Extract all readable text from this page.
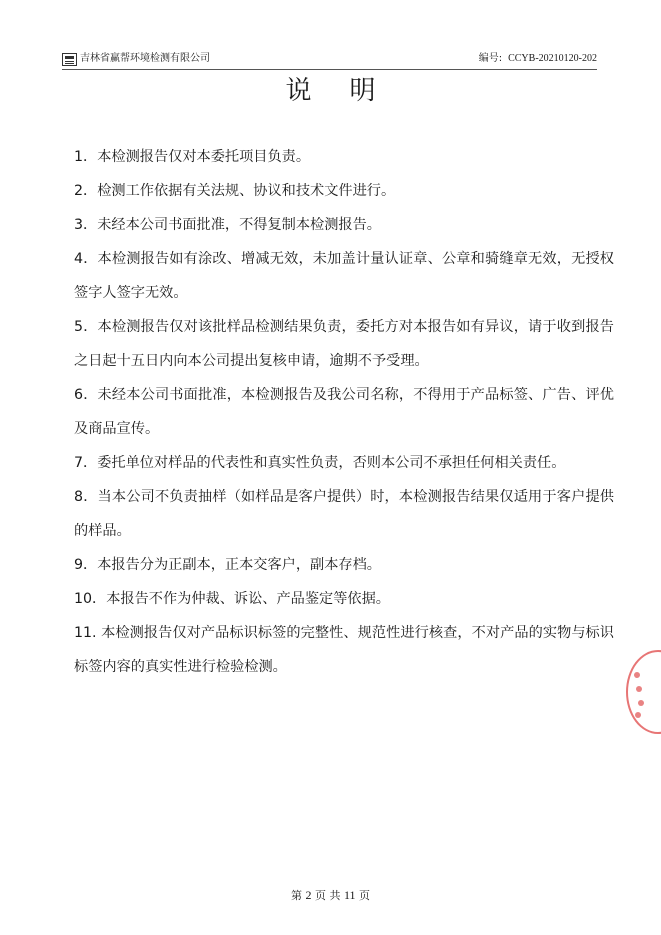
吉林省赢帮环境检测有限公司	编号: CCYB-20210120-202
说明
1．本检测报告仅对本委托项目负责。
2．检测工作依据有关法规、协议和技术文件进行。
3．未经本公司书面批准，不得复制本检测报告。
4．本检测报告如有涂改、增减无效，未加盖计量认证章、公章和骑缝章无效，无授权签字人签字无效。
5．本检测报告仅对该批样品检测结果负责，委托方对本报告如有异议，请于收到报告之日起十五日内向本公司提出复核申请，逾期不予受理。
6．未经本公司书面批准，本检测报告及我公司名称，不得用于产品标签、广告、评优及商品宣传。
7．委托单位对样品的代表性和真实性负责，否则本公司不承担任何相关责任。
8．当本公司不负责抽样（如样品是客户提供）时，本检测报告结果仅适用于客户提供的样品。
9．本报告分为正副本，正本交客户，副本存档。
10．本报告不作为仲裁、诉讼、产品鉴定等依据。
11. 本检测报告仅对产品标识标签的完整性、规范性进行核查，不对产品的实物与标识标签内容的真实性进行检验检测。
第 2 页 共 11 页
